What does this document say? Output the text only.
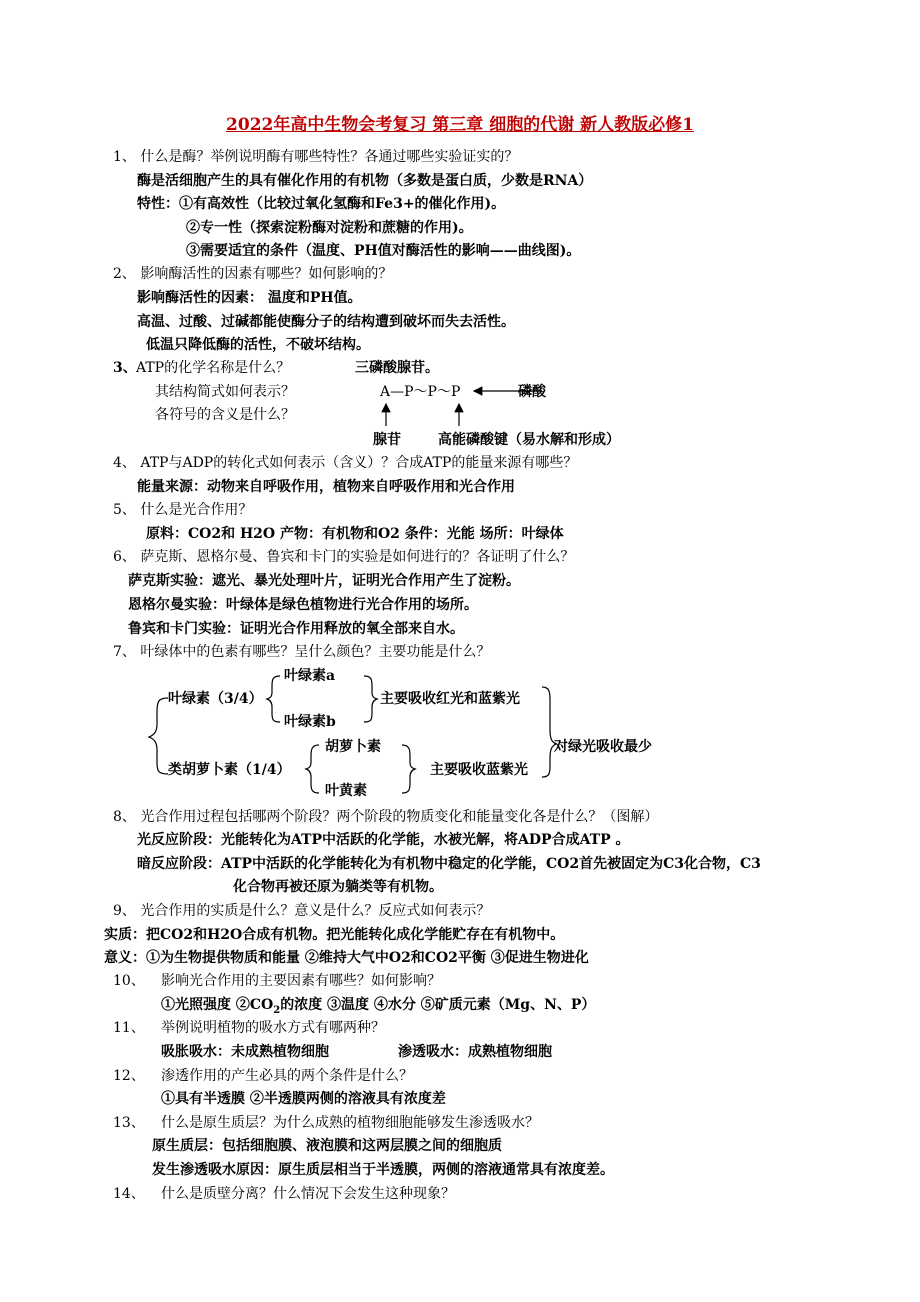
2022年高中生物会考复习 第三章 细胞的代谢 新人教版必修1
1、 什么是酶？举例说明酶有哪些特性？各通过哪些实验证实的？
酶是活细胞产生的具有催化作用的有机物（多数是蛋白质，少数是RNA）
特性：①有高效性（比较过氧化氢酶和Fe3+的催化作用)。
②专一性（探索淀粉酶对淀粉和蔗糖的作用)。
③需要适宜的条件（温度、PH值对酶活性的影响——曲线图)。
2、 影响酶活性的因素有哪些？如何影响的？
影响酶活性的因素： 温度和PH值。
高温、过酸、过碱都能使酶分子的结构遭到破坏而失去活性。
低温只降低酶的活性，不破坏结构。
3、 ATP的化学名称是什么？	三磷酸腺苷。
其结构简式如何表示？
各符号的含义是什么？
A—P～P～P	磷酸
腺苷	高能磷酸键（易水解和形成）
4、 ATP与ADP的转化式如何表示（含义）？合成ATP的能量来源有哪些？
能量来源：动物来自呼吸作用，植物来自呼吸作用和光合作用
5、 什么是光合作用？
原料：CO2和 H2O 产物：有机物和O2 条件：光能 场所：叶绿体
6、 萨克斯、恩格尔曼、鲁宾和卡门的实验是如何进行的？各证明了什么？
萨克斯实验：遮光、暴光处理叶片，证明光合作用产生了淀粉。
恩格尔曼实验：叶绿体是绿色植物进行光合作用的场所。
鲁宾和卡门实验：证明光合作用释放的氧全部来自水。
7、 叶绿体中的色素有哪些？呈什么颜色？主要功能是什么？
叶绿素a
叶绿素（3/4）	主要吸收红光和蓝紫光
叶绿素b
胡萝卜素	对绿光吸收最少
类胡萝卜素（1/4）	主要吸收蓝紫光
叶黄素
8、 光合作用过程包括哪两个阶段？两个阶段的物质变化和能量变化各是什么？（图解）
光反应阶段：光能转化为ATP中活跃的化学能，水被光解，将ADP合成ATP 。
暗反应阶段：ATP中活跃的化学能转化为有机物中稳定的化学能，CO2首先被固定为C3化合物，C3
化合物再被还原为躺类等有机物。
9、 光合作用的实质是什么？意义是什么？反应式如何表示？
实质：把CO2和H2O合成有机物。把光能转化成化学能贮存在有机物中。
意义：①为生物提供物质和能量 ②维持大气中O2和CO2平衡 ③促进生物进化
10、 影响光合作用的主要因素有哪些？如何影响？
①光照强度 $②CO_2$的浓度 ③温度 ④水分 ⑤矿质元素（Mg、N、P）
11、 举例说明植物的吸水方式有哪两种？
吸胀吸水：未成熟植物细胞	渗透吸水：成熟植物细胞
12、 渗透作用的产生必具的两个条件是什么？
①具有半透膜 ②半透膜两侧的溶液具有浓度差
13、 什么是原生质层？为什么成熟的植物细胞能够发生渗透吸水？
原生质层：包括细胞膜、液泡膜和这两层膜之间的细胞质
发生渗透吸水原因：原生质层相当于半透膜，两侧的溶液通常具有浓度差。
14、 什么是质壁分离？什么情况下会发生这种现象？
